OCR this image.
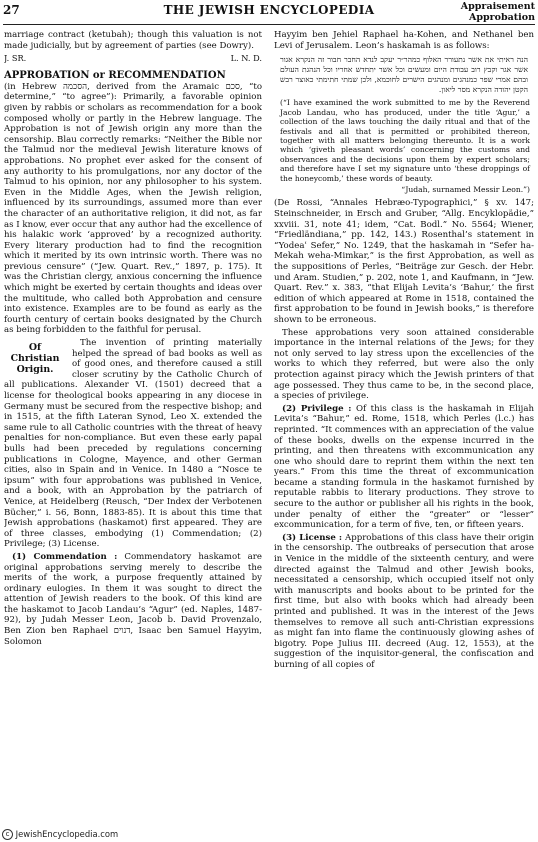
27	THE JEWISH ENCYCLOPEDIA	Appraisement
Approbation

marriage contract (ketubah); though this valuation is not made judicially, but by agreement of parties (see Dowry).

J. SR.	L. N. D.
APPROBATION or RECOMMENDATION

(in Hebrew הסכמה, derived from the Aramaic סכם, “to determine,” “to agree”): Primarily, a favorable opinion given by rabbis or scholars as recommendation for a book composed wholly or partly in the Hebrew language. The Approbation is not of Jewish origin any more than the censorship. Blau correctly remarks: “Neither the Bible nor the Talmud nor the medieval Jewish literature knows of approbations. No prophet ever asked for the consent of any authority to his promulgations, nor any doctor of the Talmud to his opinion, nor any philosopher to his system. Even in the Middle Ages, when the Jewish religion, influenced by its surroundings, assumed more than ever the character of an authoritative religion, it did not, as far as I know, ever occur that any author had the excellence of his halakic work ‘approved’ by a recognized authority. Every literary production had to find the recognition which it merited by its own intrinsic worth. There was no previous censure” (“Jew. Quart. Rev.,” 1897, p. 175). It was the Christian clergy, anxious concerning the influence which might be exerted by certain thoughts and ideas over the multitude, who called both Approbation and censure into existence. Examples are to be found as early as the fourth century of certain books designated by the Church as being forbidden to the faithful for perusal.

Of Christian Origin.

The invention of printing materially helped the spread of bad books as well as of good ones, and therefore caused a still closer scrutiny by the Catholic Church of all publications. Alexander VI. (1501) decreed that a license for theological books appearing in any diocese in Germany must be secured from the respective bishop; and in 1515, at the fifth Lateran Synod, Leo X. extended the same rule to all Catholic countries with the threat of heavy penalties for non-compliance. But even these early papal bulls had been preceded by regulations concerning publications in Cologne, Mayence, and other German cities, also in Spain and in Venice. In 1480 a “Nosce te ipsum” with four approbations was published in Venice, and a book, with an Approbation by the patriarch of Venice, at Heidelberg (Reusch, “Der Index der Verbotenen Bücher,” i. 56, Bonn, 1883-85). It is about this time that Jewish approbations (haskamot) first appeared. They are of three classes, embodying (1) Commendation; (2) Privilege; (3) License.

(1) Commendation : Commendatory haskamot are original approbations serving merely to describe the merits of the work, a purpose frequently attained by ordinary eulogies. In them it was sought to direct the attention of Jewish readers to the book. Of this kind are the haskamot to Jacob Landau’s “Agur” (ed. Naples, 1487-92), by Judah Messer Leon, Jacob b. David Provenzalo, Ben Zion ben Raphael דנוים, Isaac ben Samuel Hayyim, Solomon

Hayyim ben Jehiel Raphael ha-Kohen, and Nethanel ben Levi of Jerusalem. Leon’s haskamah is as follows:

הנה ראיתי את אשר נתעורר האלוף כמהר״ר יעקב לנדא החבר חבור זה הנקרא אגור אשר אגר וקבץ רוב עבודת היום ומעשים וכל אשר יתחדש אחריו וכל הנהגת העולם ובהם אמרי שפר כמנהגים ומנהגים הישרים לחוכמא, ולכן שמתי חתימתי כאוצר רבש הקטן יהודה הנקרא מסר ליאון.
(“I have examined the work submitted to me by the Reverend Jacob Landau, who has produced, under the title ‘Agur,’ a collection of the laws touching the daily ritual and that of the festivals and all that is permitted or prohibited thereon, together with all matters belonging thereunto. It is a work which ‘giveth pleasant words’ concerning the customs and observances and the decisions upon them by expert scholars; and therefore have I set my signature unto ‘these droppings of the honeycomb,’ these words of beauty.
“Judah, surnamed Messir Leon.”)

(De Rossi, “Annales Hebræo-Typographici,” § xv. 147; Steinschneider, in Ersch and Gruber, “Allg. Encyklopädie,” xxviii. 31, note 41; idem, “Cat. Bodl.” No. 5564; Wiener, “Friedländiana,” pp. 142, 143.) Rosenthal’s statement in “Yodeaʿ Sefer,” No. 1249, that the haskamah in “Sefer ha-Mekah weha-Mimkar,” is the first Approbation, as well as the suppositions of Perles, “Beiträge zur Gesch. der Hebr. und Aram. Studien,” p. 202, note 1, and Kaufmann, in “Jew. Quart. Rev.” x. 383, “that Elijah Levita’s ‘Bahur,’ the first edition of which appeared at Rome in 1518, contained the first approbation to be found in Jewish books,” is therefore shown to be erroneous.

These approbations very soon attained considerable importance in the internal relations of the Jews; for they not only served to lay stress upon the excellencies of the works to which they referred, but were also the only protection against piracy which the Jewish printers of that age possessed. They thus came to be, in the second place, a species of privilege.

(2) Privilege : Of this class is the haskamah in Elijah Levita’s “Bahur,” ed. Rome, 1518, which Perles (l.c.) has reprinted. “It commences with an appreciation of the value of these books, dwells on the expense incurred in the printing, and then threatens with excommunication any one who should dare to reprint them within the next ten years.” From this time the threat of excommunication became a standing formula in the haskamot furnished by reputable rabbis to literary productions. They strove to secure to the author or publisher all his rights in the book, under penalty of either the “greater” or “lesser” excommunication, for a term of five, ten, or fifteen years.

(3) License : Approbations of this class have their origin in the censorship. The outbreaks of persecution that arose in Venice in the middle of the sixteenth century, and were directed against the Talmud and other Jewish books, necessitated a censorship, which occupied itself not only with manuscripts and books about to be printed for the first time, but also with books which had already been printed and published. It was in the interest of the Jews themselves to remove all such anti-Christian expressions as might fan into flame the continuously glowing ashes of bigotry. Pope Julius III. decreed (Aug. 12, 1553), at the suggestion of the inquisitor-general, the confiscation and burning of all copies of

c JewishEncyclopedia.com
